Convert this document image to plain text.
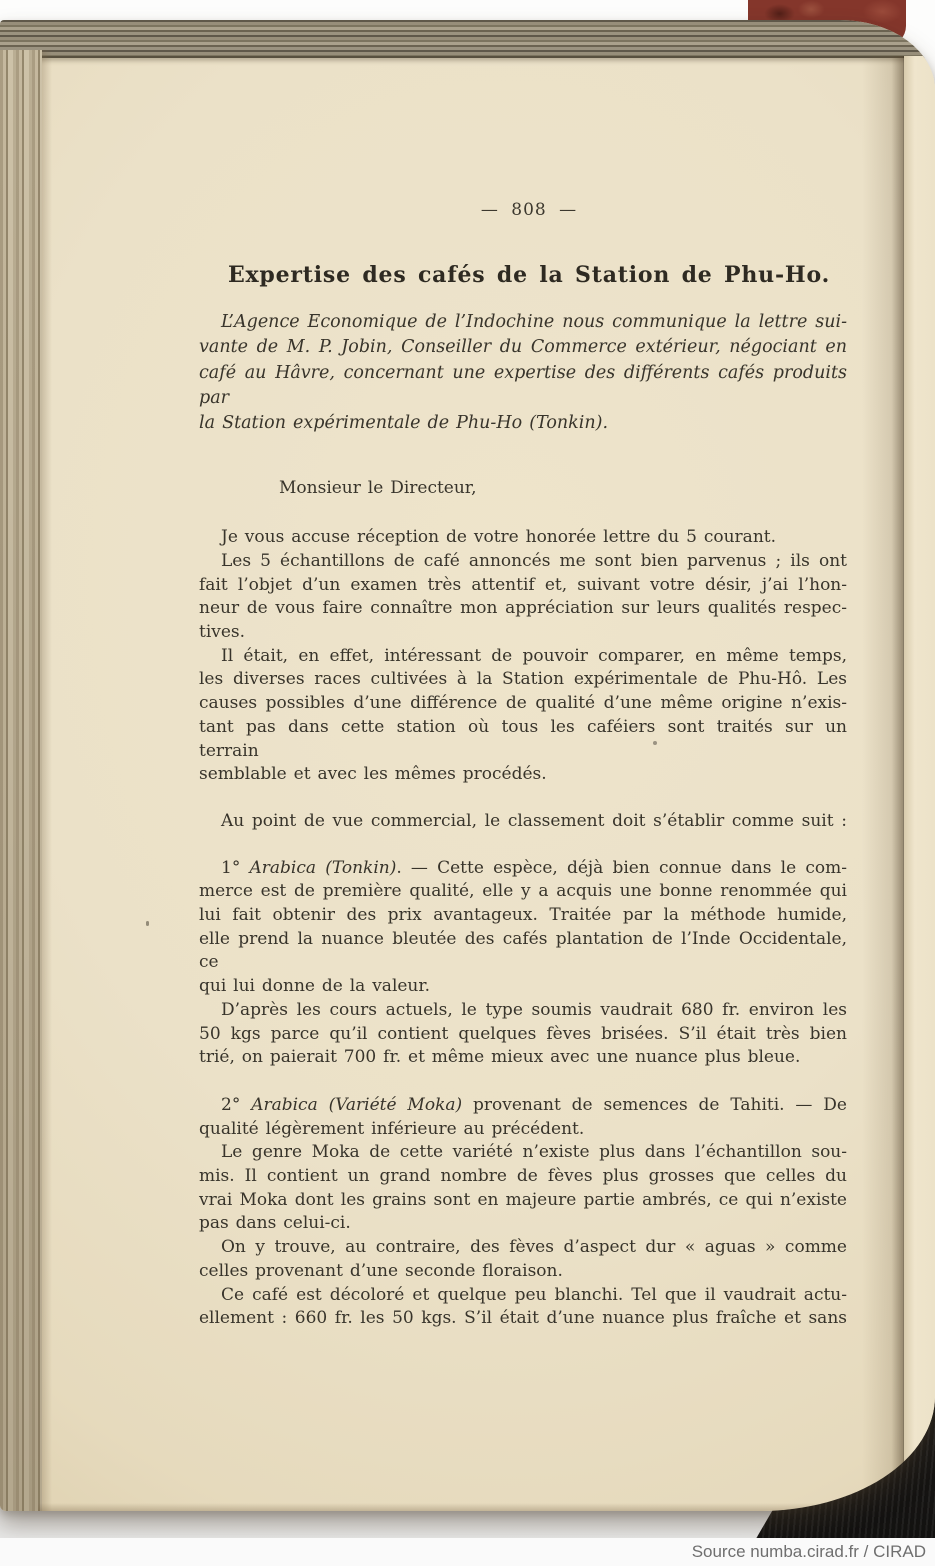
— 808 —
Expertise des cafés de la Station de Phu-Ho.
L’Agence Economique de l’Indochine nous communique la lettre sui-
vante de M. P. Jobin, Conseiller du Commerce extérieur, négociant en
café au Hâvre, concernant une expertise des différents cafés produits par
la Station expérimentale de Phu-Ho (Tonkin).
Monsieur le Directeur,
Je vous accuse réception de votre honorée lettre du 5 courant.
Les 5 échantillons de café annoncés me sont bien parvenus ; ils ont
fait l’objet d’un examen très attentif et, suivant votre désir, j’ai l’hon-
neur de vous faire connaître mon appréciation sur leurs qualités respec-
tives.
Il était, en effet, intéressant de pouvoir comparer, en même temps,
les diverses races cultivées à la Station expérimentale de Phu-Hô. Les
causes possibles d’une différence de qualité d’une même origine n’exis-
tant pas dans cette station où tous les caféiers sont traités sur un terrain
semblable et avec les mêmes procédés.
Au point de vue commercial, le classement doit s’établir comme suit :
1° Arabica (Tonkin). — Cette espèce, déjà bien connue dans le com-
merce est de première qualité, elle y a acquis une bonne renommée qui
lui fait obtenir des prix avantageux. Traitée par la méthode humide,
elle prend la nuance bleutée des cafés plantation de l’Inde Occidentale, ce
qui lui donne de la valeur.
D’après les cours actuels, le type soumis vaudrait 680 fr. environ les
50 kgs parce qu’il contient quelques fèves brisées. S’il était très bien
trié, on paierait 700 fr. et même mieux avec une nuance plus bleue.
2° Arabica (Variété Moka) provenant de semences de Tahiti. — De
qualité légèrement inférieure au précédent.
Le genre Moka de cette variété n’existe plus dans l’échantillon sou-
mis. Il contient un grand nombre de fèves plus grosses que celles du
vrai Moka dont les grains sont en majeure partie ambrés, ce qui n’existe
pas dans celui-ci.
On y trouve, au contraire, des fèves d’aspect dur « aguas » comme
celles provenant d’une seconde floraison.
Ce café est décoloré et quelque peu blanchi. Tel que il vaudrait actu-
ellement : 660 fr. les 50 kgs. S’il était d’une nuance plus fraîche et sans
Source numba.cirad.fr / CIRAD
